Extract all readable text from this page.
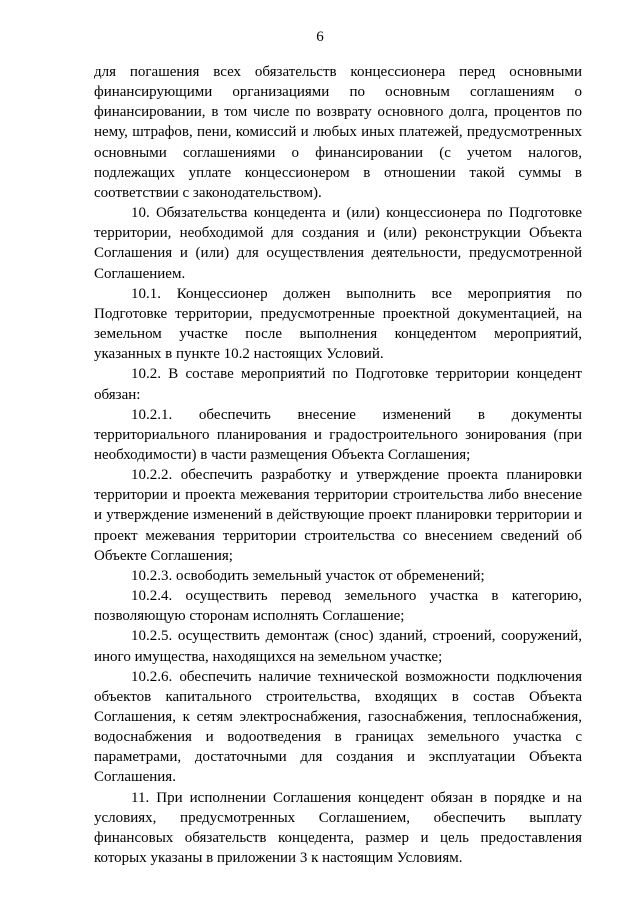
6

для погашения всех обязательств концессионера перед основными финансирующими организациями по основным соглашениям о финансировании, в том числе по возврату основного долга, процентов по нему, штрафов, пени, комиссий и любых иных платежей, предусмотренных основными соглашениями о финансировании (с учетом налогов, подлежащих уплате концессионером в отношении такой суммы в соответствии с законодательством).

10. Обязательства концедента и (или) концессионера по Подготовке территории, необходимой для создания и (или) реконструкции Объекта Соглашения и (или) для осуществления деятельности, предусмотренной Соглашением.

10.1. Концессионер должен выполнить все мероприятия по Подготовке территории, предусмотренные проектной документацией, на земельном участке после выполнения концедентом мероприятий, указанных в пункте 10.2 настоящих Условий.

10.2. В составе мероприятий по Подготовке территории концедент обязан:

10.2.1. обеспечить внесение изменений в документы территориального планирования и градостроительного зонирования (при необходимости) в части размещения Объекта Соглашения;

10.2.2. обеспечить разработку и утверждение проекта планировки территории и проекта межевания территории строительства либо внесение и утверждение изменений в действующие проект планировки территории и проект межевания территории строительства со внесением сведений об Объекте Соглашения;

10.2.3. освободить земельный участок от обременений;

10.2.4. осуществить перевод земельного участка в категорию, позволяющую сторонам исполнять Соглашение;

10.2.5. осуществить демонтаж (снос) зданий, строений, сооружений, иного имущества, находящихся на земельном участке;

10.2.6. обеспечить наличие технической возможности подключения объектов капитального строительства, входящих в состав Объекта Соглашения, к сетям электроснабжения, газоснабжения, теплоснабжения, водоснабжения и водоотведения в границах земельного участка с параметрами, достаточными для создания и эксплуатации Объекта Соглашения.

11. При исполнении Соглашения концедент обязан в порядке и на условиях, предусмотренных Соглашением, обеспечить выплату финансовых обязательств концедента, размер и цель предоставления которых указаны в приложении 3 к настоящим Условиям.
